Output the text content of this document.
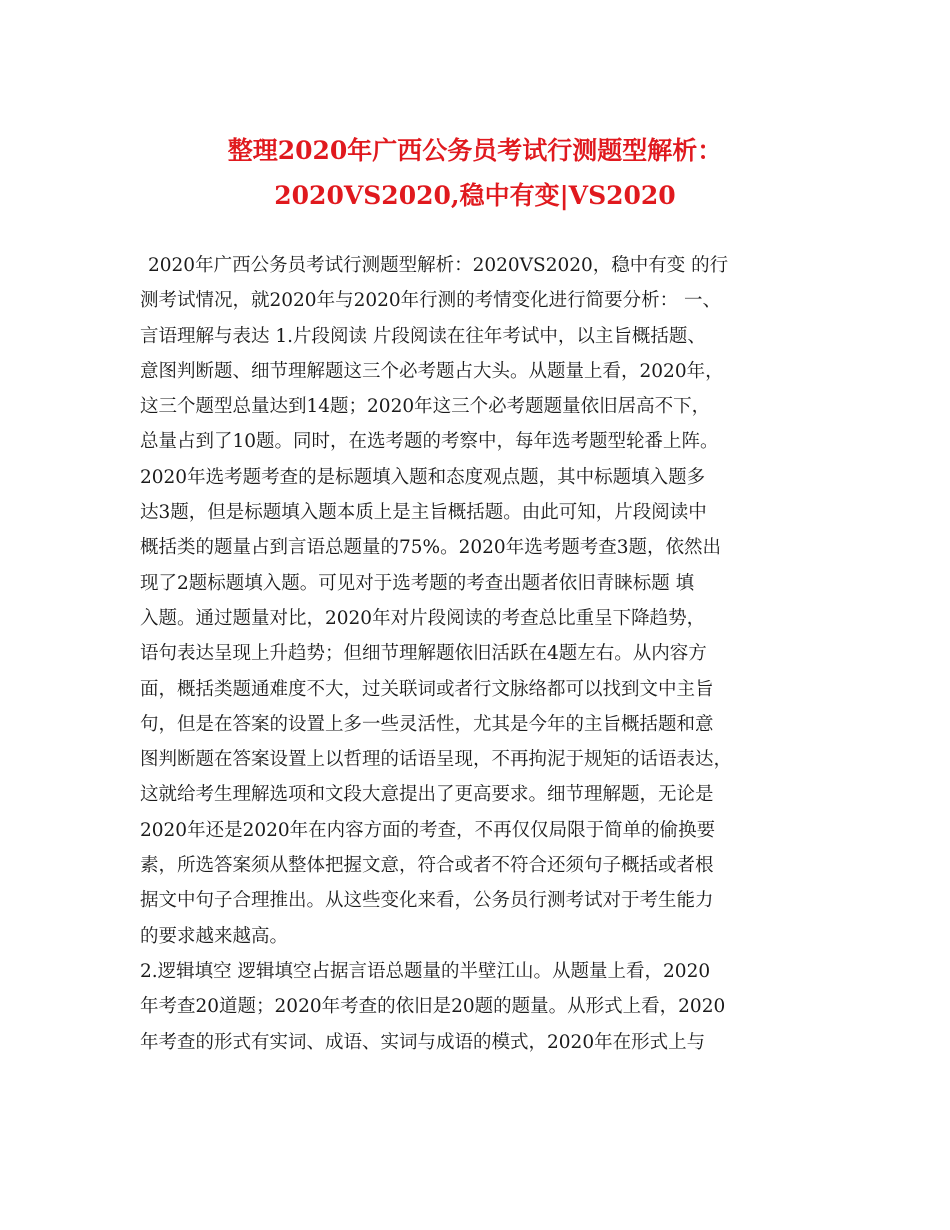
整理2020年广西公务员考试行测题型解析：
2020VS2020,稳中有变|VS2020
2020年广西公务员考试行测题型解析：2020VS2020，稳中有变 的行
测考试情况，就2020年与2020年行测的考情变化进行简要分析： 一、
言语理解与表达 1.片段阅读 片段阅读在往年考试中，以主旨概括题、
意图判断题、细节理解题这三个必考题占大头。从题量上看，2020年，
这三个题型总量达到14题；2020年这三个必考题题量依旧居高不下，
总量占到了10题。同时，在选考题的考察中，每年选考题型轮番上阵。
2020年选考题考查的是标题填入题和态度观点题，其中标题填入题多
达3题，但是标题填入题本质上是主旨概括题。由此可知，片段阅读中
概括类的题量占到言语总题量的75%。2020年选考题考查3题，依然出
现了2题标题填入题。可见对于选考题的考查出题者依旧青睐标题 填
入题。通过题量对比，2020年对片段阅读的考查总比重呈下降趋势，
语句表达呈现上升趋势；但细节理解题依旧活跃在4题左右。从内容方
面，概括类题通难度不大，过关联词或者行文脉络都可以找到文中主旨
句，但是在答案的设置上多一些灵活性，尤其是今年的主旨概括题和意
图判断题在答案设置上以哲理的话语呈现，不再拘泥于规矩的话语表达，
这就给考生理解选项和文段大意提出了更高要求。细节理解题，无论是
2020年还是2020年在内容方面的考查，不再仅仅局限于简单的偷换要
素，所选答案须从整体把握文意，符合或者不符合还须句子概括或者根
据文中句子合理推出。从这些变化来看，公务员行测考试对于考生能力
的要求越来越高。
2.逻辑填空 逻辑填空占据言语总题量的半壁江山。从题量上看，2020
年考查20道题；2020年考查的依旧是20题的题量。从形式上看，2020
年考查的形式有实词、成语、实词与成语的模式，2020年在形式上与
